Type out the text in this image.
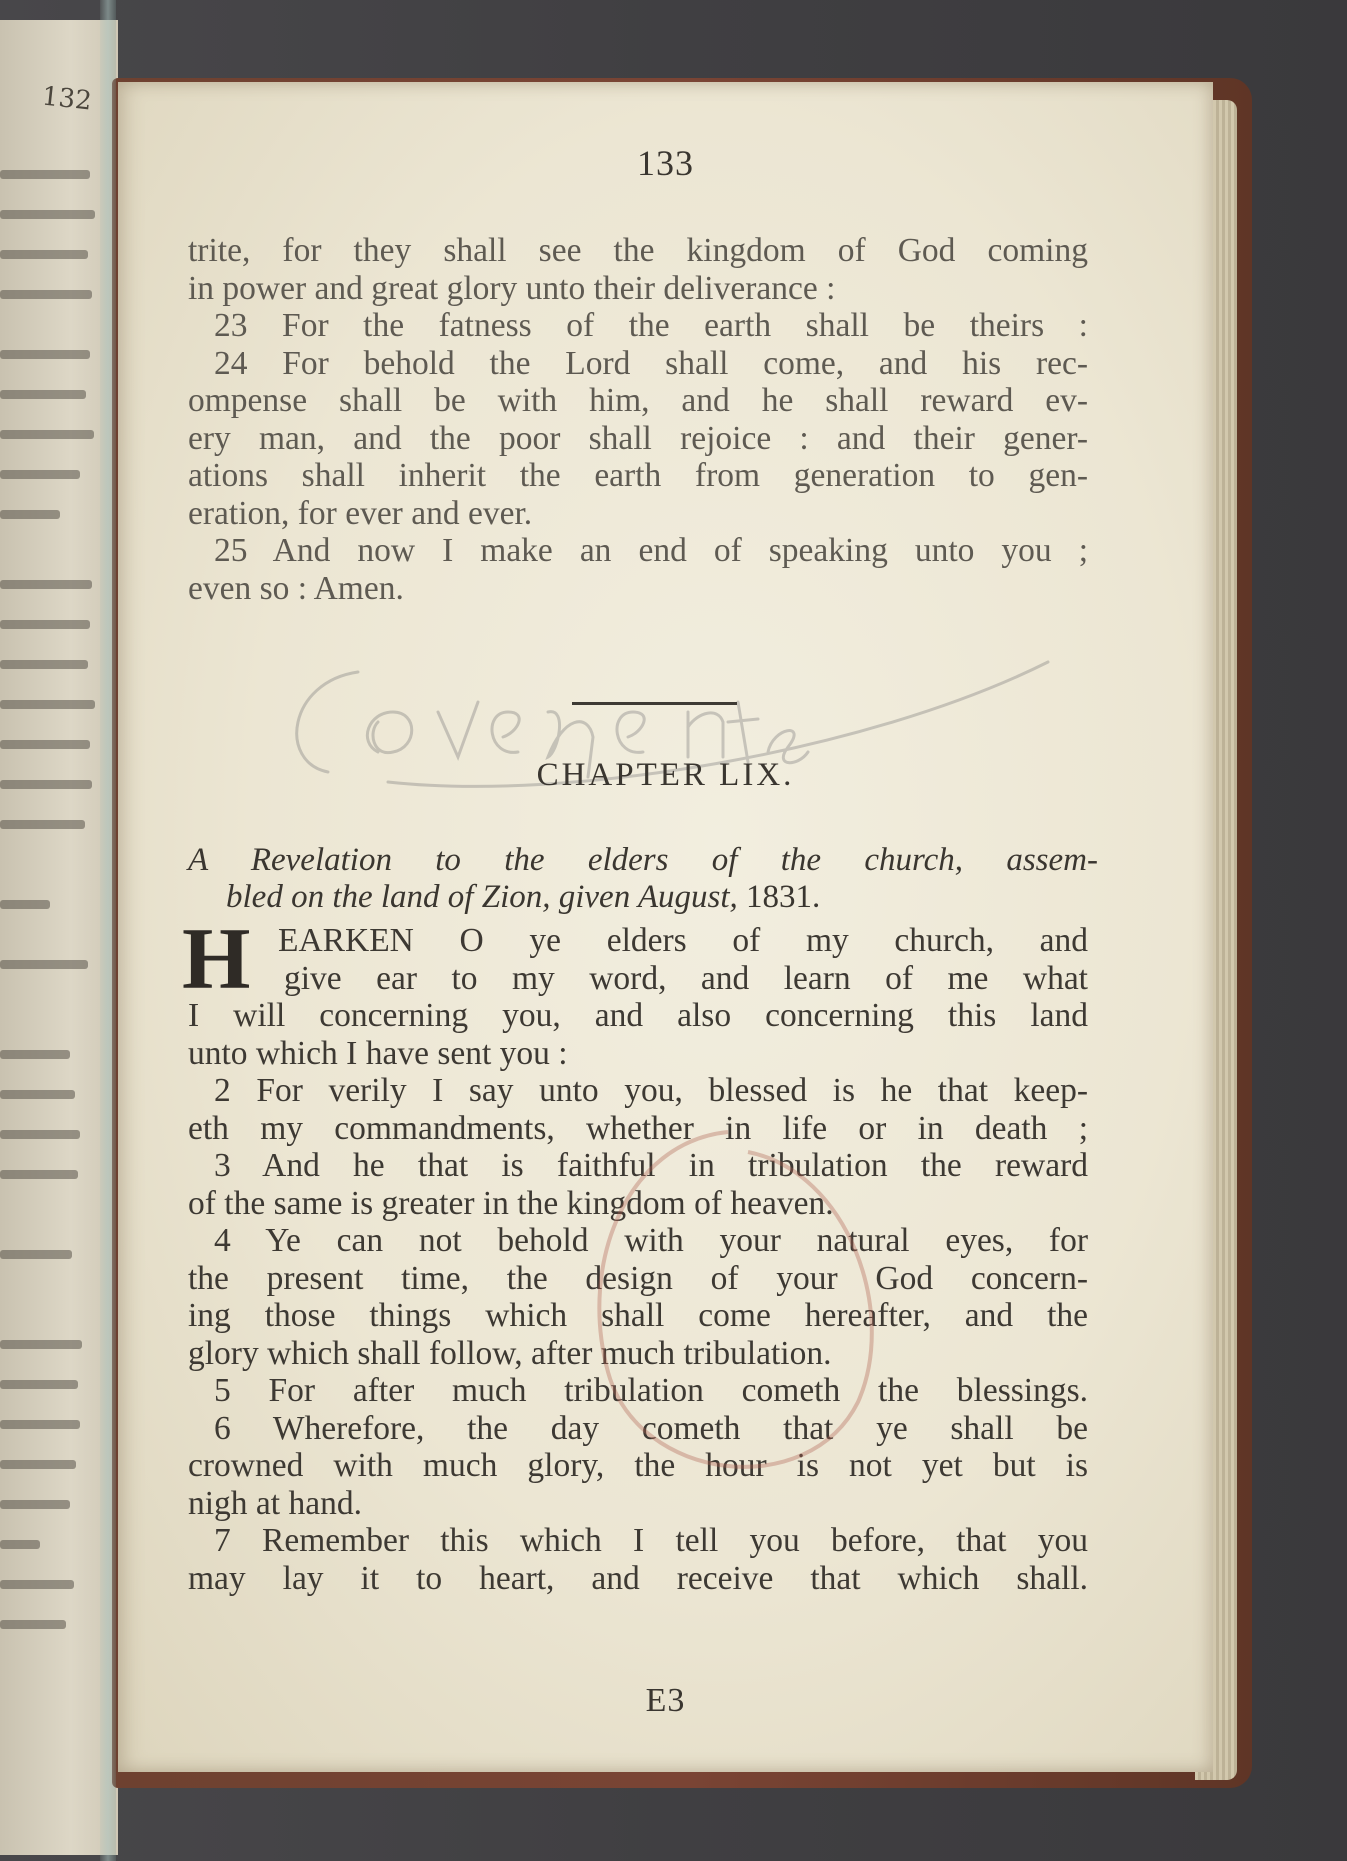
132
133
trite, for they shall see the kingdom of God coming
in power and great glory unto their deliverance :
23 For the fatness of the earth shall be theirs :
24 For behold the Lord shall come, and his rec-
ompense shall be with him, and he shall reward ev-
ery man, and the poor shall rejoice : and their gener-
ations shall inherit the earth from generation to gen-
eration, for ever and ever.
25 And now I make an end of speaking unto you ;
even so : Amen.
CHAPTER LIX.
A Revelation to the elders of the church, assem-
bled on the land of Zion, given August, 1831.
H EARKEN O ye elders of my church, and
give ear to my word, and learn of me what
I will concerning you, and also concerning this land
unto which I have sent you :
2 For verily I say unto you, blessed is he that keep-
eth my commandments, whether in life or in death ;
3 And he that is faithful in tribulation the reward
of the same is greater in the kingdom of heaven.
4 Ye can not behold with your natural eyes, for
the present time, the design of your God concern-
ing those things which shall come hereafter, and the
glory which shall follow, after much tribulation.
5 For after much tribulation cometh the blessings.
6 Wherefore, the day cometh that ye shall be
crowned with much glory, the hour is not yet but is
nigh at hand.
7 Remember this which I tell you before, that you
may lay it to heart, and receive that which shall.
E3
